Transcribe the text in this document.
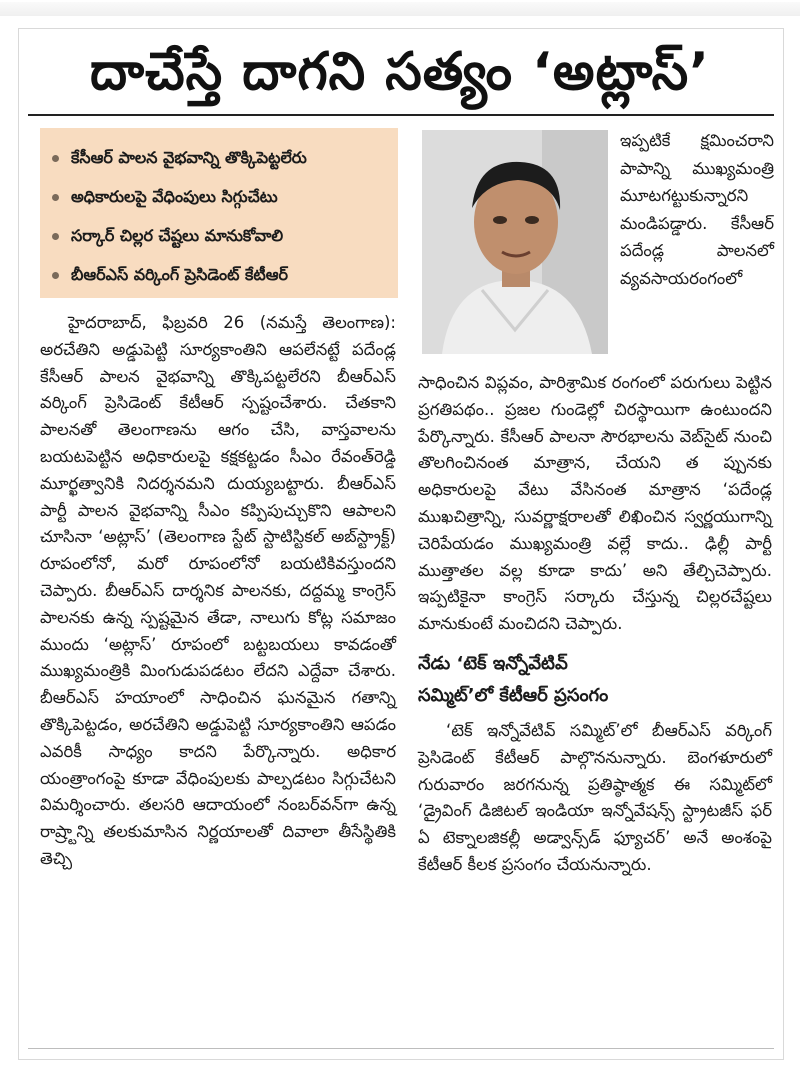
దాచేస్తే దాగని సత్యం ‘అట్లాస్’
కేసీఆర్ పాలన వైభవాన్ని తొక్కిపెట్టలేరు
అధికారులపై వేధింపులు సిగ్గుచేటు
సర్కార్ చిల్లర చేష్టలు మానుకోవాలి
బీఆర్ఎస్ వర్కింగ్ ప్రెసిడెంట్ కేటీఆర్

ఇప్పటికే క్షమించరాని పాపాన్ని ముఖ్యమంత్రి మూటగట్టుకున్నారని మండిపడ్డారు. కేసీఆర్ పదేండ్ల పాలనలో వ్యవసాయరంగంలో

హైదరాబాద్, ఫిబ్రవరి 26 (నమస్తే తెలంగాణ): అరచేతిని అడ్డుపెట్టి సూర్యకాంతిని ఆపలేనట్టే పదేండ్ల కేసీఆర్ పాలన వైభవాన్ని తొక్కిపట్టలేరని బీఆర్ఎస్ వర్కింగ్ ప్రెసిడెంట్ కేటీఆర్ స్పష్టంచేశారు. చేతకాని పాలనతో తెలంగాణను ఆగం చేసి, వాస్తవాలను బయటపెట్టిన అధికారులపై కక్షకట్టడం సీఎం రేవంత్‌రెడ్డి మూర్ఖత్వానికి నిదర్శనమని దుయ్యబట్టారు. బీఆర్ఎస్ పార్టీ పాలన వైభవాన్ని సీఎం కప్పిపుచ్చుకొని ఆపాలని చూసినా ‘అట్లాస్’ (తెలంగాణ స్టేట్ స్టాటిస్టికల్ అబ్‌స్ట్రాక్ట్) రూపంలోనో, మరో రూపంలోనో బయటికివస్తుందని చెప్పారు. బీఆర్ఎస్ దార్శనిక పాలనకు, దద్దమ్మ కాంగ్రెస్ పాలనకు ఉన్న స్పష్టమైన తేడా, నాలుగు కోట్ల సమాజం ముందు ‘అట్లాస్’ రూపంలో బట్టబయలు కావడంతో ముఖ్యమంత్రికి మింగుడుపడటం లేదని ఎద్దేవా చేశారు. బీఆర్ఎస్ హయాంలో సాధించిన ఘనమైన గతాన్ని తొక్కిపెట్టడం, అరచేతిని అడ్డుపెట్టి సూర్యకాంతిని ఆపడం ఎవరికీ సాధ్యం కాదని పేర్కొన్నారు. అధికార యంత్రాంగంపై కూడా వేధింపులకు పాల్పడటం సిగ్గుచేటని విమర్శించారు. తలసరి ఆదాయంలో నంబర్‌వన్‌గా ఉన్న రాష్ర్టాన్ని తలకుమాసిన నిర్ణయాలతో దివాలా తీసేస్థితికి తెచ్చి

సాధించిన విప్లవం, పారిశ్రామిక రంగంలో పరుగులు పెట్టిన ప్రగతిపథం.. ప్రజల గుండెల్లో చిరస్థాయిగా ఉంటుందని పేర్కొన్నారు. కేసీఆర్ పాలనా సౌరభాలను వెబ్‌సైట్ నుంచి తొలగించినంత మాత్రాన, చేయని త ప్పునకు అధికారులపై వేటు వేసినంత మాత్రాన ‘పదేండ్ల ముఖచిత్రాన్ని, సువర్ణాక్షరాలతో లిఖించిన స్వర్ణయుగాన్ని చెరిపేయడం ముఖ్యమంత్రి వల్లే కాదు.. ఢిల్లీ పార్టీ ముత్తాతల వల్ల కూడా కాదు’ అని తేల్చిచెప్పారు. ఇప్పటికైనా కాంగ్రెస్ సర్కారు చేస్తున్న చిల్లరచేష్టలు మానుకుంటే మంచిదని చెప్పారు.

నేడు ‘టెక్ ఇన్నోవేటివ్
సమ్మిట్’లో కేటీఆర్ ప్రసంగం

‘టెక్ ఇన్నోవేటివ్ సమ్మిట్’లో బీఆర్ఎస్ వర్కింగ్ ప్రెసిడెంట్ కేటీఆర్ పాల్గొననున్నారు. బెంగళూరులో గురువారం జరగనున్న ప్రతిష్ఠాత్మక ఈ సమ్మిట్‌లో ‘డ్రైవింగ్ డిజిటల్ ఇండియా ఇన్నోవేషన్స్ స్ట్రాటజీస్ ఫర్ ఏ టెక్నాలజికల్లీ అడ్వాన్స్‌డ్ ఫ్యూచర్’ అనే అంశంపై కేటీఆర్ కీలక ప్రసంగం చేయనున్నారు.
